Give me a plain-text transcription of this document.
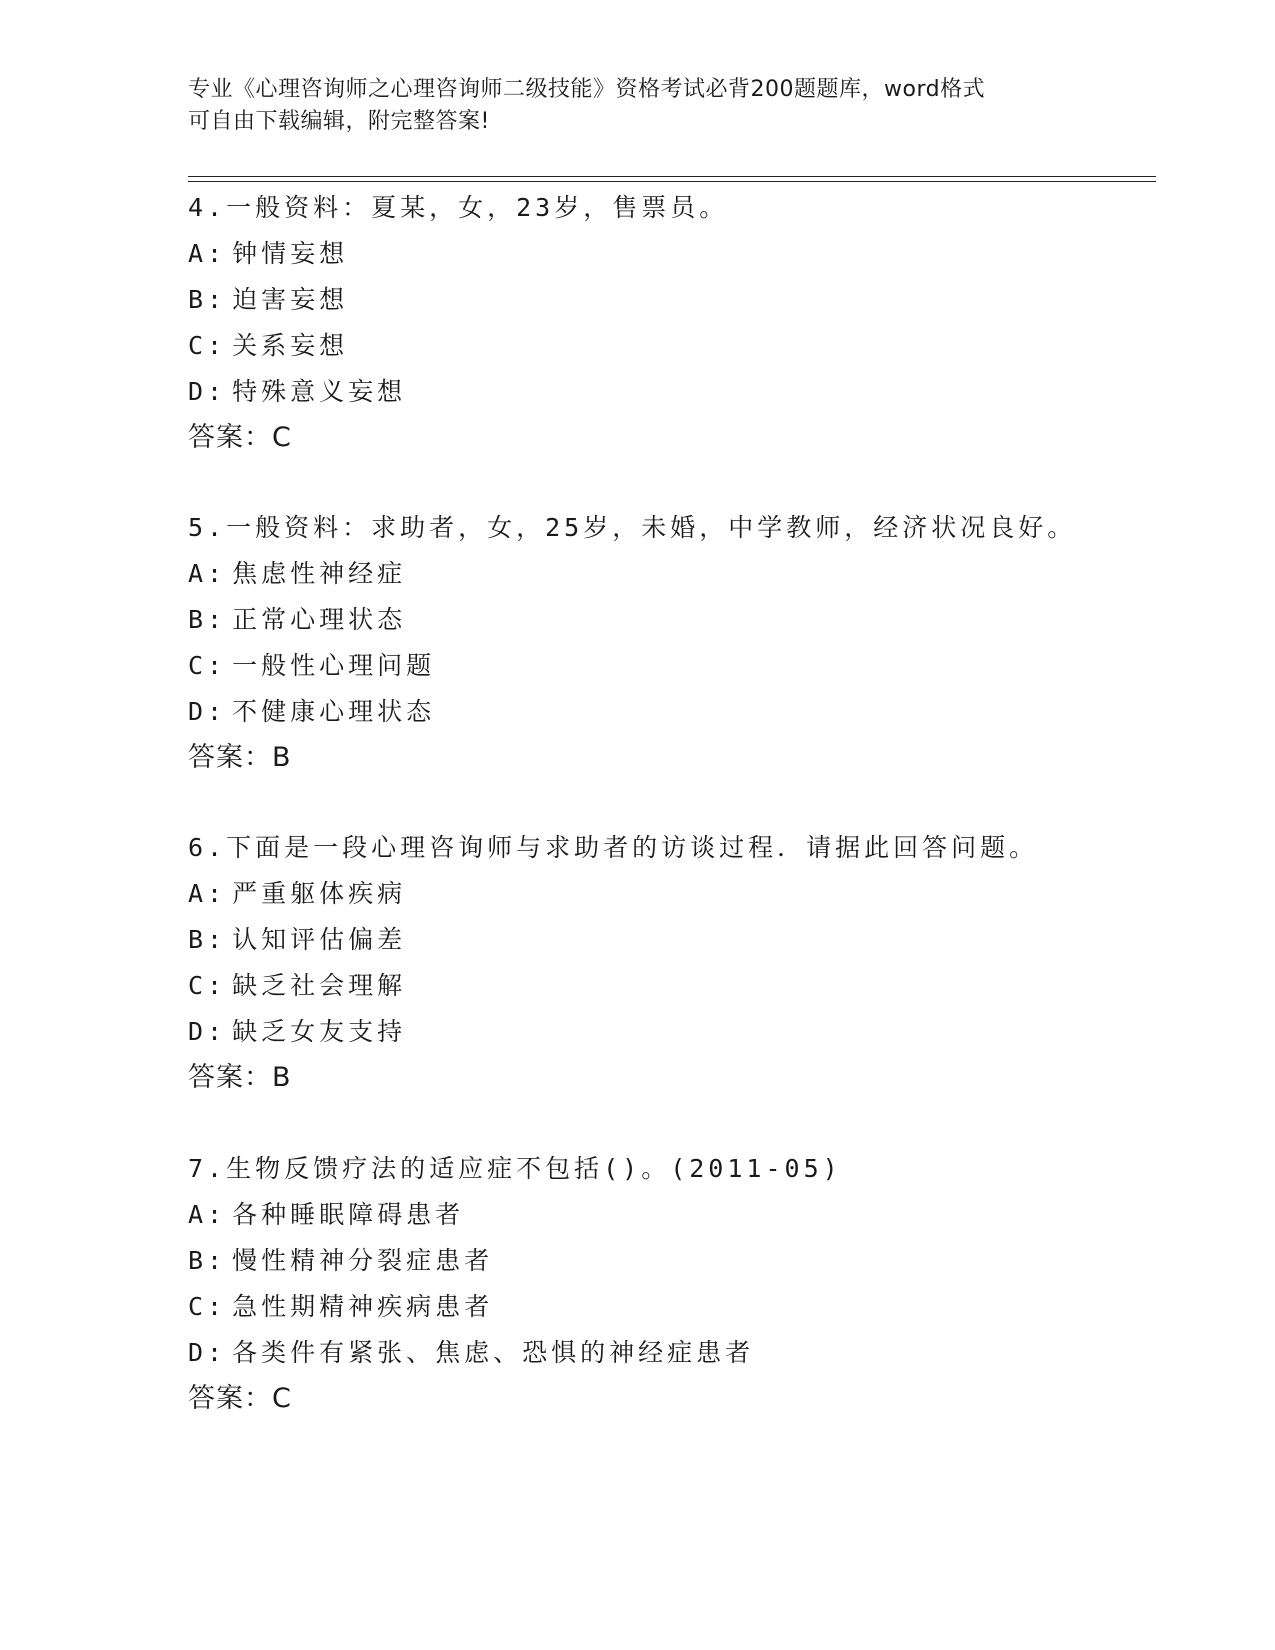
专业《心理咨询师之心理咨询师二级技能》资格考试必背200题题库，word格式
可自由下载编辑，附完整答案!
4.一般资料：夏某，女，23岁，售票员。
A: 钟情妄想
B: 迫害妄想
C: 关系妄想
D: 特殊意义妄想
答案：C
5.一般资料：求助者，女，25岁，未婚，中学教师，经济状况良好。
A: 焦虑性神经症
B: 正常心理状态
C: 一般性心理问题
D: 不健康心理状态
答案：B
6.下面是一段心理咨询师与求助者的访谈过程．请据此回答问题。
A: 严重躯体疾病
B: 认知评估偏差
C: 缺乏社会理解
D: 缺乏女友支持
答案：B
7.生物反馈疗法的适应症不包括()。(2011-05)
A: 各种睡眠障碍患者
B: 慢性精神分裂症患者
C: 急性期精神疾病患者
D: 各类件有紧张、焦虑、恐惧的神经症患者
答案：C
